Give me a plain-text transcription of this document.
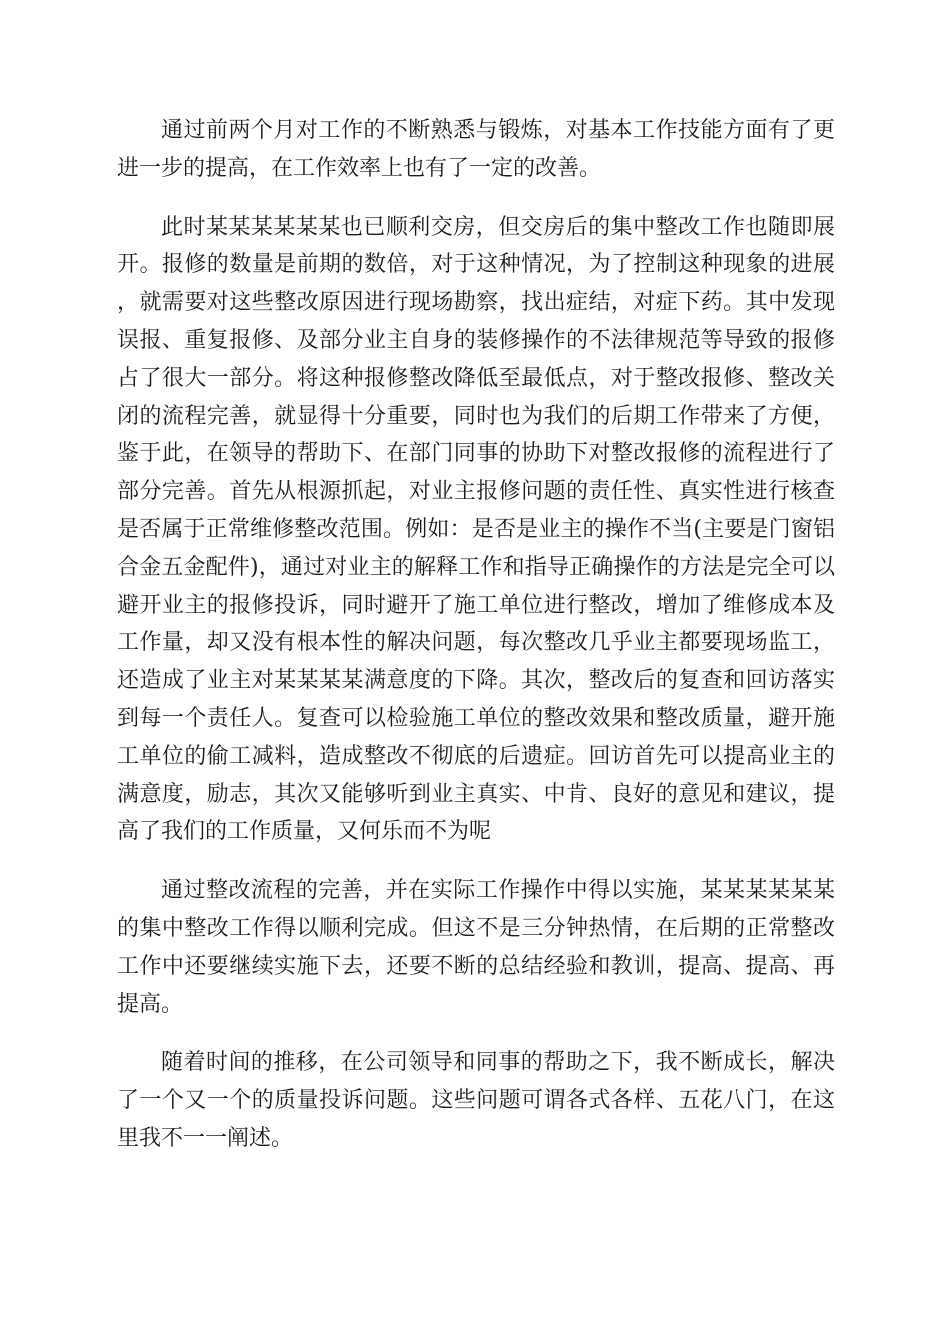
通过前两个月对工作的不断熟悉与锻炼，对基本工作技能方面有了更进一步的提高，在工作效率上也有了一定的改善。

此时某某某某某某也已顺利交房，但交房后的集中整改工作也随即展开。报修的数量是前期的数倍，对于这种情况，为了控制这种现象的进展，就需要对这些整改原因进行现场勘察，找出症结，对症下药。其中发现误报、重复报修、及部分业主自身的装修操作的不法律规范等导致的报修占了很大一部分。将这种报修整改降低至最低点，对于整改报修、整改关闭的流程完善，就显得十分重要，同时也为我们的后期工作带来了方便，鉴于此，在领导的帮助下、在部门同事的协助下对整改报修的流程进行了部分完善。首先从根源抓起，对业主报修问题的责任性、真实性进行核查是否属于正常维修整改范围。例如：是否是业主的操作不当(主要是门窗铝合金五金配件)，通过对业主的解释工作和指导正确操作的方法是完全可以避开业主的报修投诉，同时避开了施工单位进行整改，增加了维修成本及工作量，却又没有根本性的解决问题，每次整改几乎业主都要现场监工，还造成了业主对某某某某满意度的下降。其次，整改后的复查和回访落实到每一个责任人。复查可以检验施工单位的整改效果和整改质量，避开施工单位的偷工减料，造成整改不彻底的后遗症。回访首先可以提高业主的满意度，励志，其次又能够听到业主真实、中肯、良好的意见和建议，提高了我们的工作质量，又何乐而不为呢

通过整改流程的完善，并在实际工作操作中得以实施，某某某某某某的集中整改工作得以顺利完成。但这不是三分钟热情，在后期的正常整改工作中还要继续实施下去，还要不断的总结经验和教训，提高、提高、再提高。

随着时间的推移，在公司领导和同事的帮助之下，我不断成长，解决了一个又一个的质量投诉问题。这些问题可谓各式各样、五花八门，在这里我不一一阐述。
